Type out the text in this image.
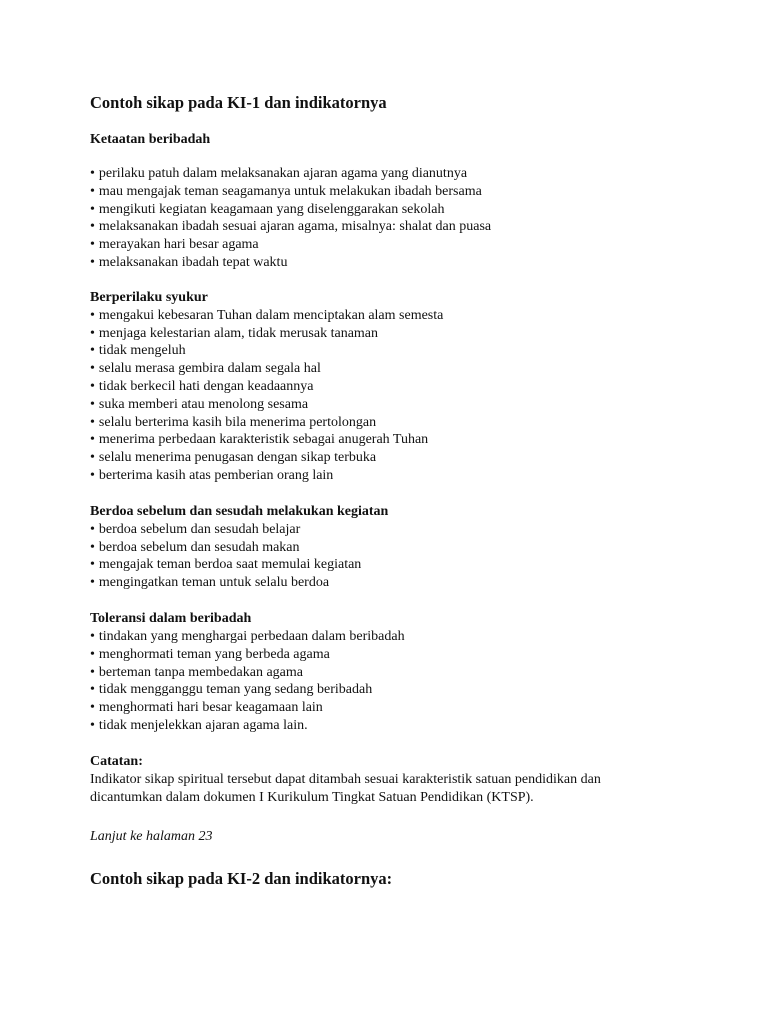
Contoh sikap pada KI-1 dan indikatornya
Ketaatan beribadah
• perilaku patuh dalam melaksanakan ajaran agama yang dianutnya
• mau mengajak teman seagamanya untuk melakukan ibadah bersama
• mengikuti kegiatan keagamaan yang diselenggarakan sekolah
• melaksanakan ibadah sesuai ajaran agama, misalnya: shalat dan puasa
• merayakan hari besar agama
• melaksanakan ibadah tepat waktu
Berperilaku syukur
• mengakui kebesaran Tuhan dalam menciptakan alam semesta
• menjaga kelestarian alam, tidak merusak tanaman
• tidak mengeluh
• selalu merasa gembira dalam segala hal
• tidak berkecil hati dengan keadaannya
• suka memberi atau menolong sesama
• selalu berterima kasih bila menerima pertolongan
• menerima perbedaan karakteristik sebagai anugerah Tuhan
• selalu menerima penugasan dengan sikap terbuka
• berterima kasih atas pemberian orang lain
Berdoa sebelum dan sesudah melakukan kegiatan
• berdoa sebelum dan sesudah belajar
• berdoa sebelum dan sesudah makan
• mengajak teman berdoa saat memulai kegiatan
• mengingatkan teman untuk selalu berdoa
Toleransi dalam beribadah
• tindakan yang menghargai perbedaan dalam beribadah
• menghormati teman yang berbeda agama
• berteman tanpa membedakan agama
• tidak mengganggu teman yang sedang beribadah
• menghormati hari besar keagamaan lain
• tidak menjelekkan ajaran agama lain.
Catatan:

Indikator sikap spiritual tersebut dapat ditambah sesuai karakteristik satuan pendidikan dan dicantumkan dalam dokumen I Kurikulum Tingkat Satuan Pendidikan (KTSP).

Lanjut ke halaman 23

Contoh sikap pada KI-2 dan indikatornya:
